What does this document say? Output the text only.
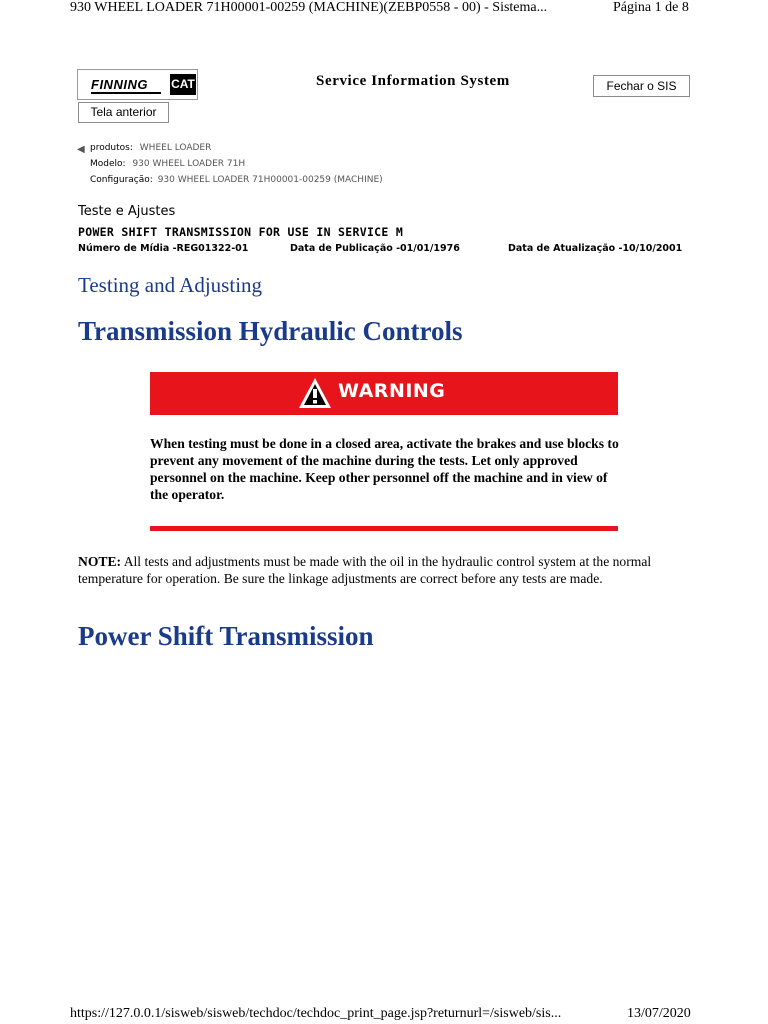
930 WHEEL LOADER 71H00001-00259 (MACHINE)(ZEBP0558 - 00) - Sistema...	Página 1 de 8
FINNING CAT	Service Information System	Fechar o SIS
Tela anterior
◀ produtos: WHEEL LOADER
Modelo: 930 WHEEL LOADER 71H
Configuração: 930 WHEEL LOADER 71H00001-00259 (MACHINE)
Teste e Ajustes
POWER SHIFT TRANSMISSION FOR USE IN SERVICE M
Número de Mídia -REG01322-01	Data de Publicação -01/01/1976	Data de Atualização -10/10/2001
Testing and Adjusting
Transmission Hydraulic Controls
WARNING
When testing must be done in a closed area, activate the brakes and use blocks to prevent any movement of the machine during the tests. Let only approved personnel on the machine. Keep other personnel off the machine and in view of the operator.
NOTE: All tests and adjustments must be made with the oil in the hydraulic control system at the normal temperature for operation. Be sure the linkage adjustments are correct before any tests are made.
Power Shift Transmission
https://127.0.0.1/sisweb/sisweb/techdoc/techdoc_print_page.jsp?returnurl=/sisweb/sis...	13/07/2020
